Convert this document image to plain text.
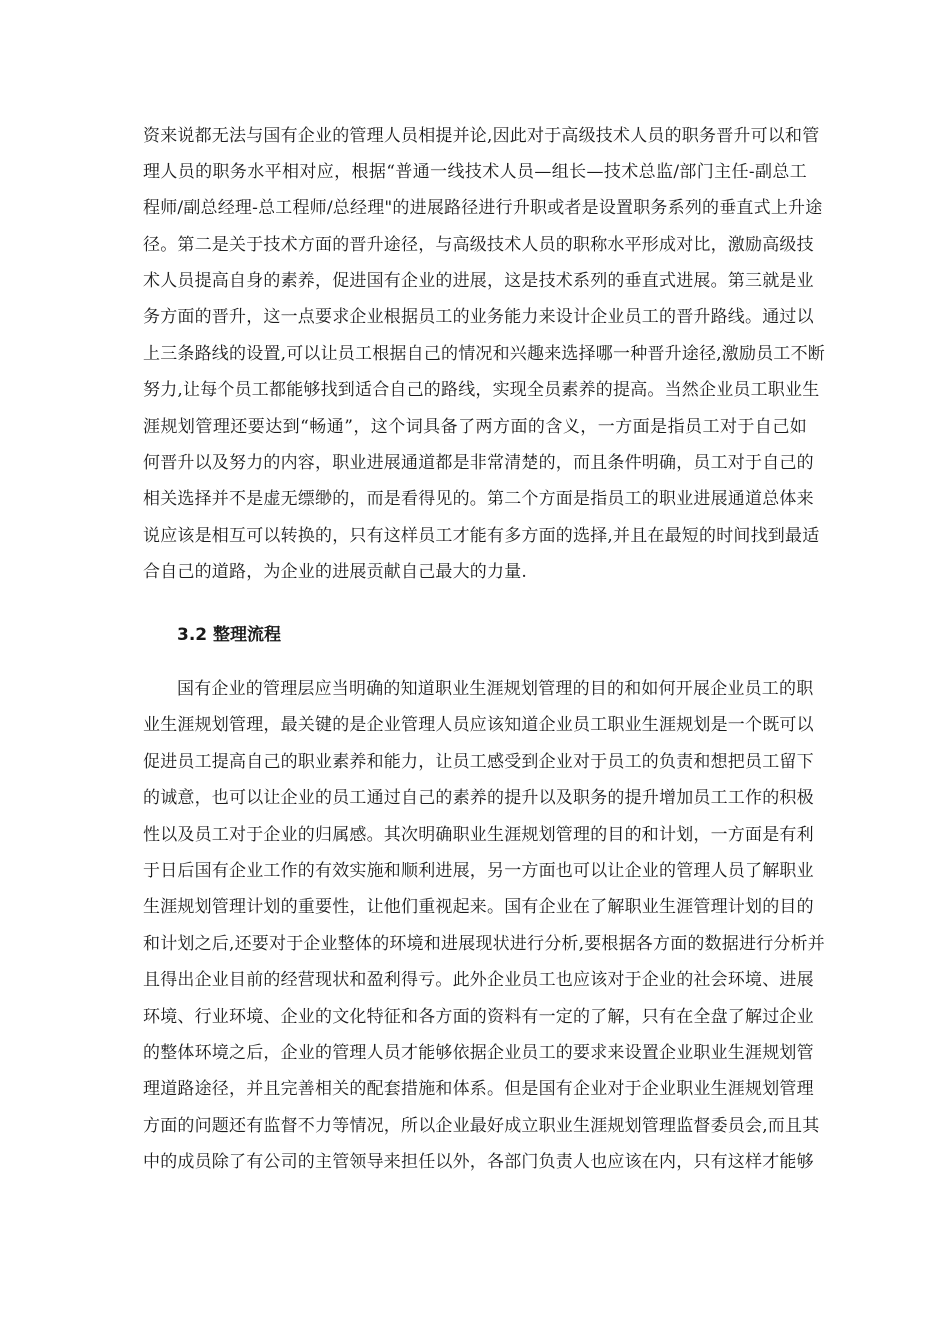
资来说都无法与国有企业的管理人员相提并论,因此对于高级技术人员的职务晋升可以和管
理人员的职务水平相对应，根据“普通一线技术人员—组长—技术总监/部门主任-副总工
程师/副总经理-总工程师/总经理"的进展路径进行升职或者是设置职务系列的垂直式上升途
径。第二是关于技术方面的晋升途径，与高级技术人员的职称水平形成对比，激励高级技
术人员提高自身的素养，促进国有企业的进展，这是技术系列的垂直式进展。第三就是业
务方面的晋升，这一点要求企业根据员工的业务能力来设计企业员工的晋升路线。通过以
上三条路线的设置,可以让员工根据自己的情况和兴趣来选择哪一种晋升途径,激励员工不断
努力,让每个员工都能够找到适合自己的路线，实现全员素养的提高。当然企业员工职业生
涯规划管理还要达到“畅通”，这个词具备了两方面的含义，一方面是指员工对于自己如
何晋升以及努力的内容，职业进展通道都是非常清楚的，而且条件明确，员工对于自己的
相关选择并不是虚无缥缈的，而是看得见的。第二个方面是指员工的职业进展通道总体来
说应该是相互可以转换的，只有这样员工才能有多方面的选择,并且在最短的时间找到最适
合自己的道路，为企业的进展贡献自己最大的力量.
3.2 整理流程
国有企业的管理层应当明确的知道职业生涯规划管理的目的和如何开展企业员工的职
业生涯规划管理，最关键的是企业管理人员应该知道企业员工职业生涯规划是一个既可以
促进员工提高自己的职业素养和能力，让员工感受到企业对于员工的负责和想把员工留下
的诚意，也可以让企业的员工通过自己的素养的提升以及职务的提升增加员工工作的积极
性以及员工对于企业的归属感。其次明确职业生涯规划管理的目的和计划，一方面是有利
于日后国有企业工作的有效实施和顺利进展，另一方面也可以让企业的管理人员了解职业
生涯规划管理计划的重要性，让他们重视起来。国有企业在了解职业生涯管理计划的目的
和计划之后,还要对于企业整体的环境和进展现状进行分析,要根据各方面的数据进行分析并
且得出企业目前的经营现状和盈利得亏。此外企业员工也应该对于企业的社会环境、进展
环境、行业环境、企业的文化特征和各方面的资料有一定的了解，只有在全盘了解过企业
的整体环境之后，企业的管理人员才能够依据企业员工的要求来设置企业职业生涯规划管
理道路途径，并且完善相关的配套措施和体系。但是国有企业对于企业职业生涯规划管理
方面的问题还有监督不力等情况，所以企业最好成立职业生涯规划管理监督委员会,而且其
中的成员除了有公司的主管领导来担任以外，各部门负责人也应该在内，只有这样才能够
